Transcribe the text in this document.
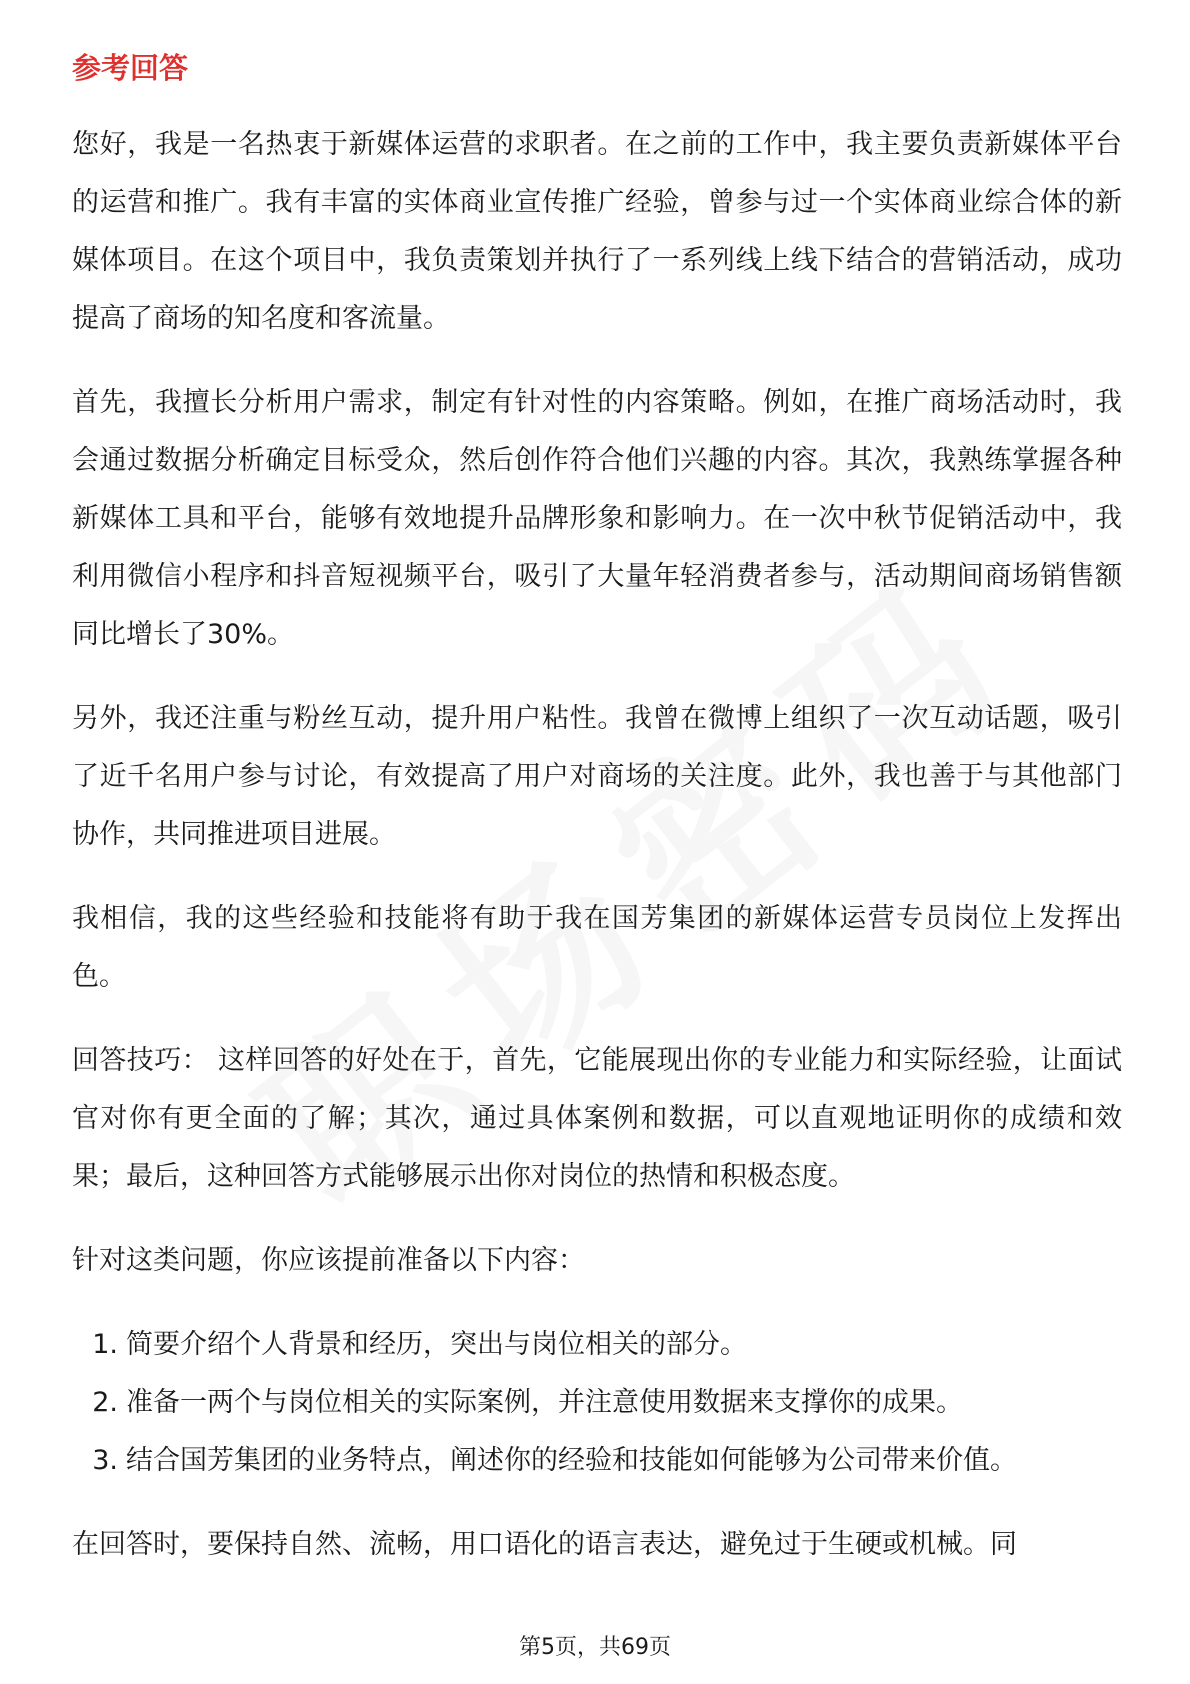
参考回答

您好，我是一名热衷于新媒体运营的求职者。在之前的工作中，我主要负责新媒体平台的运营和推广。我有丰富的实体商业宣传推广经验，曾参与过一个实体商业综合体的新媒体项目。在这个项目中，我负责策划并执行了一系列线上线下结合的营销活动，成功提高了商场的知名度和客流量。

首先，我擅长分析用户需求，制定有针对性的内容策略。例如，在推广商场活动时，我会通过数据分析确定目标受众，然后创作符合他们兴趣的内容。其次，我熟练掌握各种新媒体工具和平台，能够有效地提升品牌形象和影响力。在一次中秋节促销活动中，我利用微信小程序和抖音短视频平台，吸引了大量年轻消费者参与，活动期间商场销售额同比增长了30%。

另外，我还注重与粉丝互动，提升用户粘性。我曾在微博上组织了一次互动话题，吸引了近千名用户参与讨论，有效提高了用户对商场的关注度。此外，我也善于与其他部门协作，共同推进项目进展。

我相信，我的这些经验和技能将有助于我在国芳集团的新媒体运营专员岗位上发挥出色。

回答技巧： 这样回答的好处在于，首先，它能展现出你的专业能力和实际经验，让面试官对你有更全面的了解；其次，通过具体案例和数据，可以直观地证明你的成绩和效果；最后，这种回答方式能够展示出你对岗位的热情和积极态度。

针对这类问题，你应该提前准备以下内容：

1. 简要介绍个人背景和经历，突出与岗位相关的部分。
2. 准备一两个与岗位相关的实际案例，并注意使用数据来支撑你的成果。
3. 结合国芳集团的业务特点，阐述你的经验和技能如何能够为公司带来价值。

在回答时，要保持自然、流畅，用口语化的语言表达，避免过于生硬或机械。同

第5页，共69页
